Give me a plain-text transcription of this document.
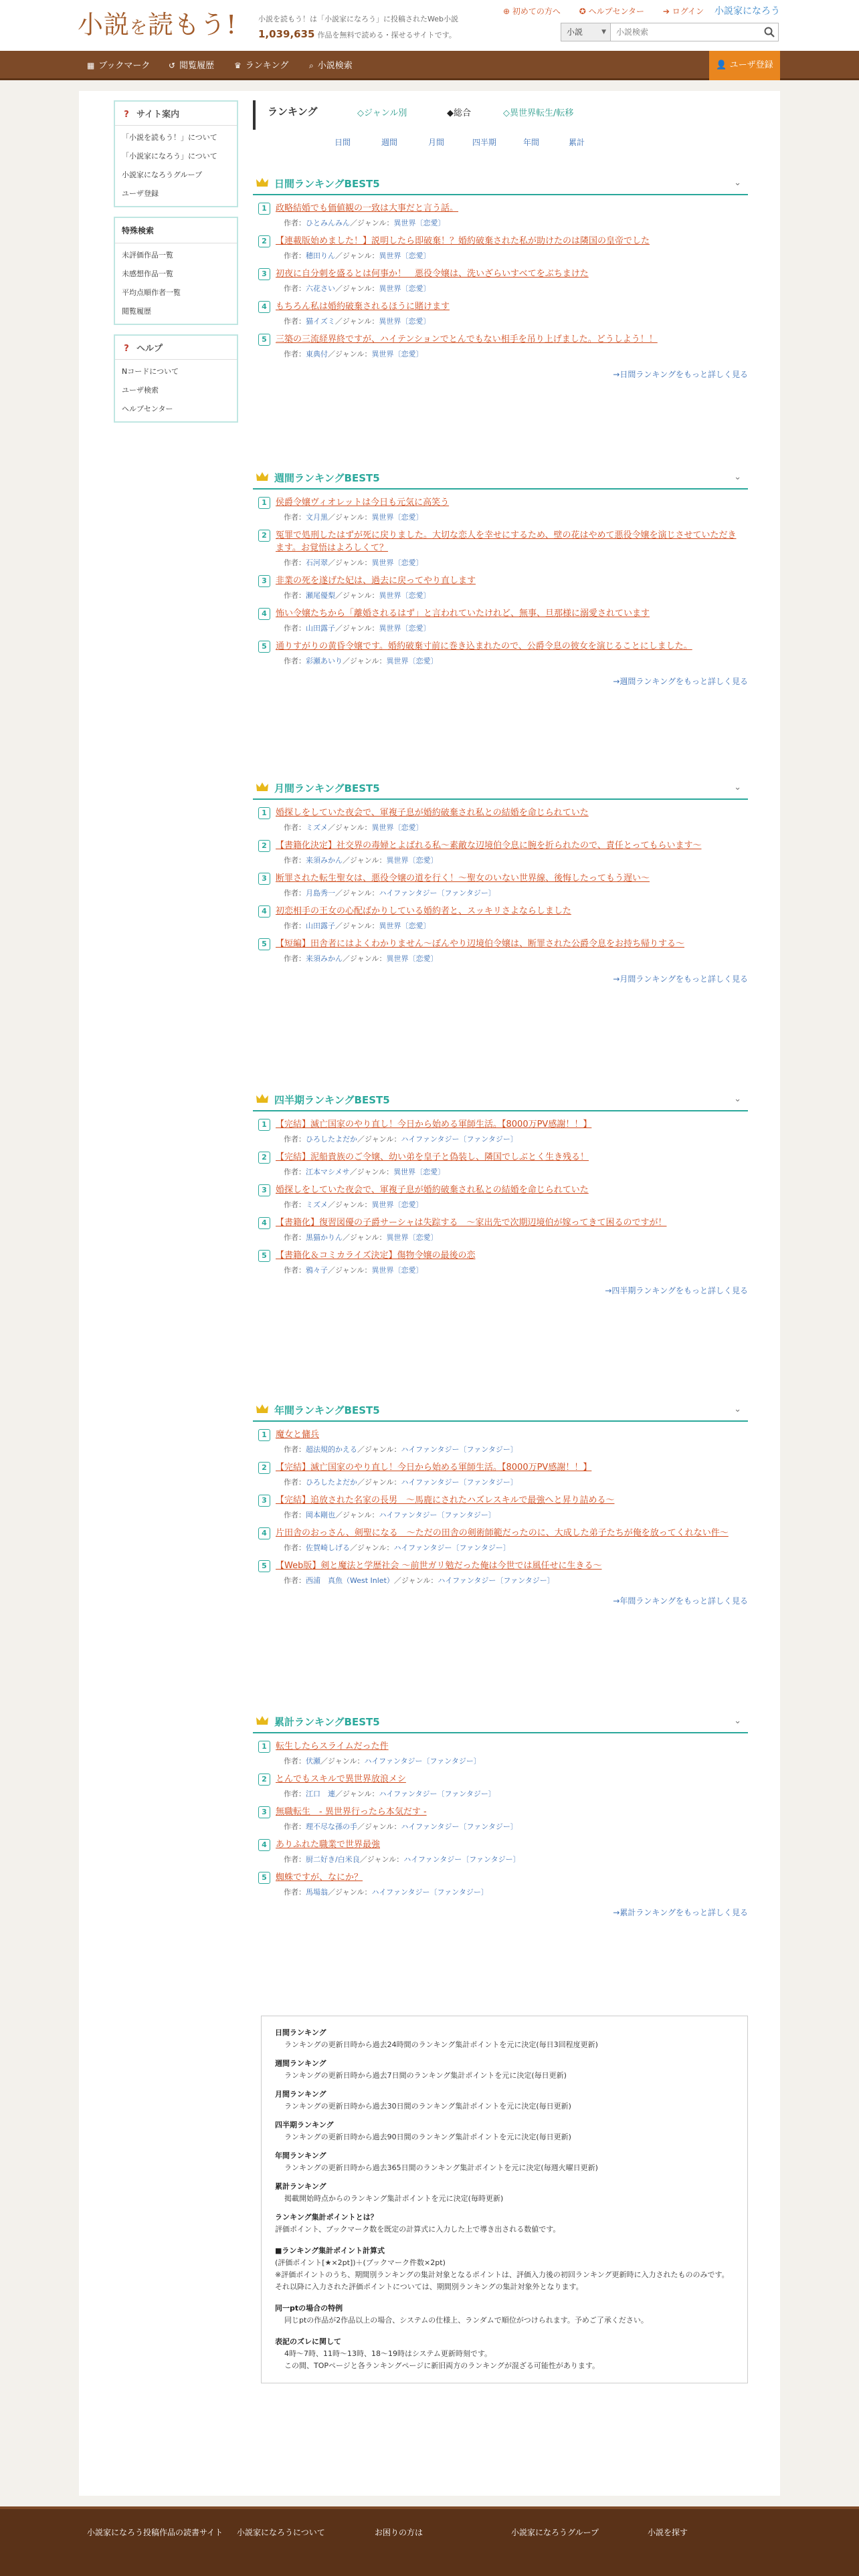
小説を読もう!	小説を読もう！は「小説家になろう」に投稿されたWeb小説
1,039,635 作品を無料で読める・探せるサイトです。
⊕ 初めての方へ ✪ ヘルプセンター ➔ ログイン	小説家になろう
小説	▼
小説検索
▦ ブックマーク ↺ 閲覧履歴 ♛ ランキング	⌕ 小説検索	👤 ユーザ登録
? サイト案内
「小説を読もう！」について
「小説家になろう」について
小説家になろうグループ
ユーザ登録
特殊検索
未評価作品一覧
未感想作品一覧
平均点順作者一覧
閲覧履歴
? ヘルプ
Nコードについて
ユーザ検索
ヘルプセンター
ランキング	◇ジャンル別	◆総合	◇異世界転生/転移
日間	週間	月間	四半期	年間	累計
日間ランキングBEST5	⌄
1	政略結婚でも価値観の一致は大事だと言う話。
作者：ひとみんみん／ジャンル：異世界〔恋愛〕
2	【連載版始めました！】説明したら即破棄！？婚約破棄された私が助けたのは隣国の皇帝でした
作者：穂田りん／ジャンル：異世界〔恋愛〕
3	初夜に自分刺を盛るとは何事か！　悪役令嬢は、洗いざらいすべてをぶちまけた
作者：六花さい／ジャンル：異世界〔恋愛〕
4	もちろん私は婚約破棄されるほうに賭けます
作者：猫イズミ／ジャンル：異世界〔恋愛〕
5	三築の三流経界終ですが、ハイテンションでとんでもない相手を吊り上げました。どうしよう！！
作者：東典付／ジャンル：異世界〔恋愛〕
→日間ランキングをもっと詳しく見る
週間ランキングBEST5	⌄
1	侯爵令嬢ヴィオレットは今日も元気に高笑う
作者：文月黒／ジャンル：異世界〔恋愛〕
2	冤罪で処刑したはずが死に戻りました。大切な恋人を幸せにするため、壁の花はやめて悪役令嬢を演じさせていただきます。お覚悟はよろしくて？
作者：石河翠／ジャンル：異世界〔恋愛〕
3	非業の死を遂げた妃は、過去に戻ってやり直します
作者：瀬尾優梨／ジャンル：異世界〔恋愛〕
4	怖い令嬢たちから「離婚されるはず」と言われていたけれど、無事、旦那様に溺愛されています
作者：山田露子／ジャンル：異世界〔恋愛〕
5	通りすがりの黄昏令嬢です。婚約破棄寸前に巻き込まれたので、公爵令息の彼女を演じることにしました。
作者：彩瀬あいり／ジャンル：異世界〔恋愛〕
→週間ランキングをもっと詳しく見る
月間ランキングBEST5	⌄
1	婚探しをしていた夜会で、軍複子息が婚約破棄され私との結婚を命じられていた
作者：ミズメ／ジャンル：異世界〔恋愛〕
2	【書籍化決定】社交界の毒婦とよばれる私～素敵な辺境伯令息に腕を折られたので、責任とってもらいます～
作者：来須みかん／ジャンル：異世界〔恋愛〕
3	断罪された転生聖女は、悪役令嬢の道を行く！～聖女のいない世界線、後悔したってもう遅い～
作者：月島秀一／ジャンル：ハイファンタジー〔ファンタジー〕
4	初恋相手の王女の心配ばかりしている婚約者と、スッキリさよならしました
作者：山田露子／ジャンル：異世界〔恋愛〕
5	【短編】田舎者にはよくわかりません～ぼんやり辺境伯令嬢は、断罪された公爵令息をお持ち帰りする～
作者：来須みかん／ジャンル：異世界〔恋愛〕
→月間ランキングをもっと詳しく見る
四半期ランキングBEST5	⌄
1	【完結】滅亡国家のやり直し！今日から始める軍師生活。【8000万PV感謝！！】
作者：ひろしたよだか／ジャンル：ハイファンタジー〔ファンタジー〕
2	【完結】泥船貴族のご令嬢、幼い弟を皇子と偽装し、隣国でしぶとく生き残る！
作者：江本マシメサ／ジャンル：異世界〔恋愛〕
3	婚探しをしていた夜会で、軍複子息が婚約破棄され私との結婚を命じられていた
作者：ミズメ／ジャンル：異世界〔恋愛〕
4	【書籍化】復習図優の子爵サーシャは失踪する　～家出先で次期辺境伯が嫁ってきて困るのですが！
作者：黒猫かりん／ジャンル：異世界〔恋愛〕
5	【書籍化＆コミカライズ決定】傷物令嬢の最後の恋
作者：鴉々子／ジャンル：異世界〔恋愛〕
→四半期ランキングをもっと詳しく見る
年間ランキングBEST5	⌄
1	魔女と傭兵
作者：超法規的かえる／ジャンル：ハイファンタジー〔ファンタジー〕
2	【完結】滅亡国家のやり直し！今日から始める軍師生活。【8000万PV感謝！！】
作者：ひろしたよだか／ジャンル：ハイファンタジー〔ファンタジー〕
3	【完結】追放された名家の長男　～馬鹿にされたハズレスキルで最強へと昇り詰める～
作者：岡本剛也／ジャンル：ハイファンタジー〔ファンタジー〕
4	片田舎のおっさん、剣聖になる　～ただの田舎の剣術師範だったのに、大成した弟子たちが俺を放ってくれない件～
作者：佐賀崎しげる／ジャンル：ハイファンタジー〔ファンタジー〕
5	【Web版】剣と魔法と学歴社会 ～前世ガリ勉だった俺は今世では風任せに生きる～
作者：西浦　真魚（West Inlet）／ジャンル：ハイファンタジー〔ファンタジー〕
→年間ランキングをもっと詳しく見る
累計ランキングBEST5	⌄
1	転生したらスライムだった件
作者：伏瀬／ジャンル：ハイファンタジー〔ファンタジー〕
2	とんでもスキルで異世界放浪メシ
作者：江口　連／ジャンル：ハイファンタジー〔ファンタジー〕
3	無職転生　- 異世界行ったら本気だす -
作者：理不尽な孫の手／ジャンル：ハイファンタジー〔ファンタジー〕
4	ありふれた職業で世界最強
作者：厨二好き/白米良／ジャンル：ハイファンタジー〔ファンタジー〕
5	蜘蛛ですが、なにか？
作者：馬場翁／ジャンル：ハイファンタジー〔ファンタジー〕
→累計ランキングをもっと詳しく見る
日間ランキング
ランキングの更新日時から過去24時間のランキング集計ポイントを元に決定(毎日3回程度更新)
週間ランキング
ランキングの更新日時から過去7日間のランキング集計ポイントを元に決定(毎日更新)
月間ランキング
ランキングの更新日時から過去30日間のランキング集計ポイントを元に決定(毎日更新)
四半期ランキング
ランキングの更新日時から過去90日間のランキング集計ポイントを元に決定(毎日更新)
年間ランキング
ランキングの更新日時から過去365日間のランキング集計ポイントを元に決定(毎週火曜日更新)
累計ランキング
掲載開始時点からのランキング集計ポイントを元に決定(毎時更新)
ランキング集計ポイントとは？
評価ポイント、ブックマーク数を既定の計算式に入力した上で導き出される数値です。
■ランキング集計ポイント計算式
(評価ポイント[★×2pt])＋(ブックマーク件数×2pt)
※評価ポイントのうち、期間別ランキングの集計対象となるポイントは、評価入力後の初回ランキング更新時に入力されたもののみです。
それ以降に入力された評価ポイントについては、期間別ランキングの集計対象外となります。
同一ptの場合の特例
同じptの作品が2作品以上の場合、システムの仕様上、ランダムで順位がつけられます。予めご了承ください。
表記のズレに関して
4時〜7時、11時〜13時、18〜19時はシステム更新時刻です。
この間、TOPページと各ランキングページに新旧両方のランキングが混ざる可能性があります。
小説家になろう投稿作品の読書サイト 小説家になろうについて	お困りの方は	小説家になろうグループ	小説を探す
